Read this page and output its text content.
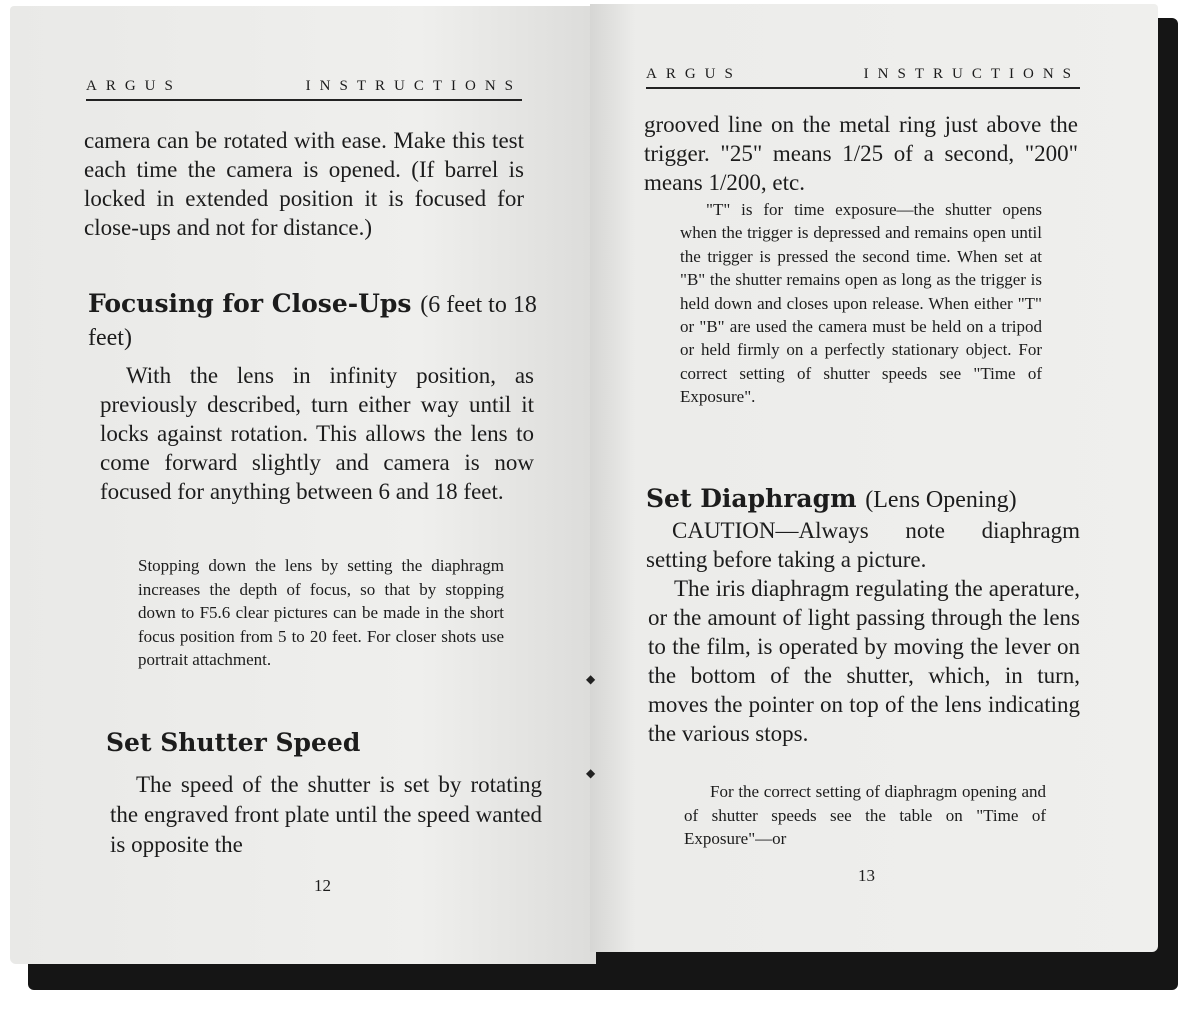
ARGUS	INSTRUCTIONS
camera can be rotated with ease. Make this test each time the camera is opened. (If barrel is locked in extended position it is focused for close-ups and not for distance.)
Focusing for Close-Ups (6 feet to 18 feet)
With the lens in infinity position, as previously described, turn either way until it locks against rotation. This allows the lens to come forward slightly and camera is now focused for anything between 6 and 18 feet.
Stopping down the lens by setting the diaphragm increases the depth of focus, so that by stopping down to F5.6 clear pictures can be made in the short focus position from 5 to 20 feet. For closer shots use portrait attachment.
Set Shutter Speed
The speed of the shutter is set by rotating the engraved front plate until the speed wanted is opposite the
12
ARGUS	INSTRUCTIONS
grooved line on the metal ring just above the trigger. "25" means 1/25 of a second, "200" means 1/200, etc.
"T" is for time exposure—the shutter opens when the trigger is depressed and remains open until the trigger is pressed the second time. When set at "B" the shutter remains open as long as the trigger is held down and closes upon release. When either "T" or "B" are used the camera must be held on a tripod or held firmly on a perfectly stationary object. For correct setting of shutter speeds see "Time of Exposure".
Set Diaphragm (Lens Opening)
CAUTION—Always note diaphragm setting before taking a picture.
The iris diaphragm regulating the aperature, or the amount of light passing through the lens to the film, is operated by moving the lever on the bottom of the shutter, which, in turn, moves the pointer on top of the lens indicating the various stops.
For the correct setting of diaphragm opening and of shutter speeds see the table on "Time of Exposure"—or
13
◆
◆
